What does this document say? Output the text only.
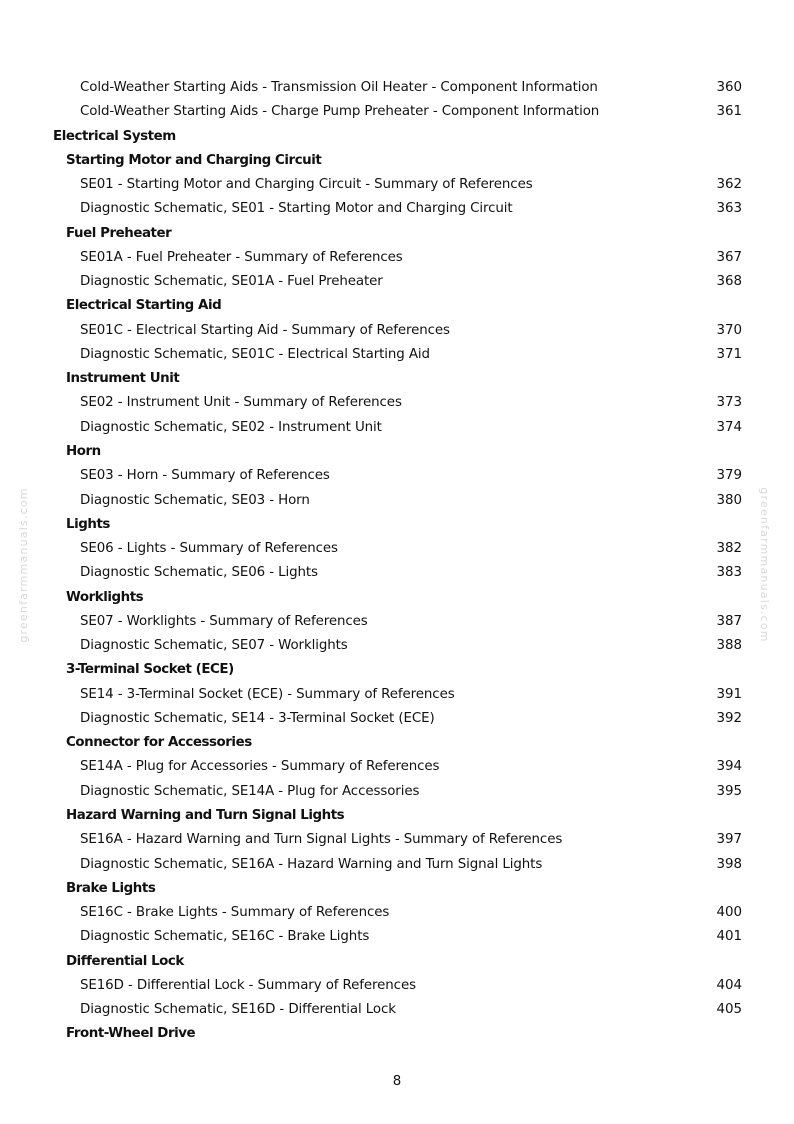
Cold-Weather Starting Aids - Transmission Oil Heater - Component Information	360
Cold-Weather Starting Aids - Charge Pump Preheater - Component Information	361
Electrical System
Starting Motor and Charging Circuit
SE01 - Starting Motor and Charging Circuit - Summary of References	362
Diagnostic Schematic, SE01 - Starting Motor and Charging Circuit	363
Fuel Preheater
SE01A - Fuel Preheater - Summary of References	367
Diagnostic Schematic, SE01A - Fuel Preheater	368
Electrical Starting Aid
SE01C - Electrical Starting Aid - Summary of References	370
Diagnostic Schematic, SE01C - Electrical Starting Aid	371
Instrument Unit
SE02 - Instrument Unit - Summary of References	373
Diagnostic Schematic, SE02 - Instrument Unit	374
Horn
SE03 - Horn - Summary of References	379
Diagnostic Schematic, SE03 - Horn	380
Lights
SE06 - Lights - Summary of References	382
Diagnostic Schematic, SE06 - Lights	383
Worklights
SE07 - Worklights - Summary of References	387
Diagnostic Schematic, SE07 - Worklights	388
3-Terminal Socket (ECE)
SE14 - 3-Terminal Socket (ECE) - Summary of References	391
Diagnostic Schematic, SE14 - 3-Terminal Socket (ECE)	392
Connector for Accessories
SE14A - Plug for Accessories - Summary of References	394
Diagnostic Schematic, SE14A - Plug for Accessories	395
Hazard Warning and Turn Signal Lights
SE16A - Hazard Warning and Turn Signal Lights - Summary of References	397
Diagnostic Schematic, SE16A - Hazard Warning and Turn Signal Lights	398
Brake Lights
SE16C - Brake Lights - Summary of References	400
Diagnostic Schematic, SE16C - Brake Lights	401
Differential Lock
SE16D - Differential Lock - Summary of References	404
Diagnostic Schematic, SE16D - Differential Lock	405
Front-Wheel Drive
greenfarmmanuals.com	greenfarmmanuals.com
8
